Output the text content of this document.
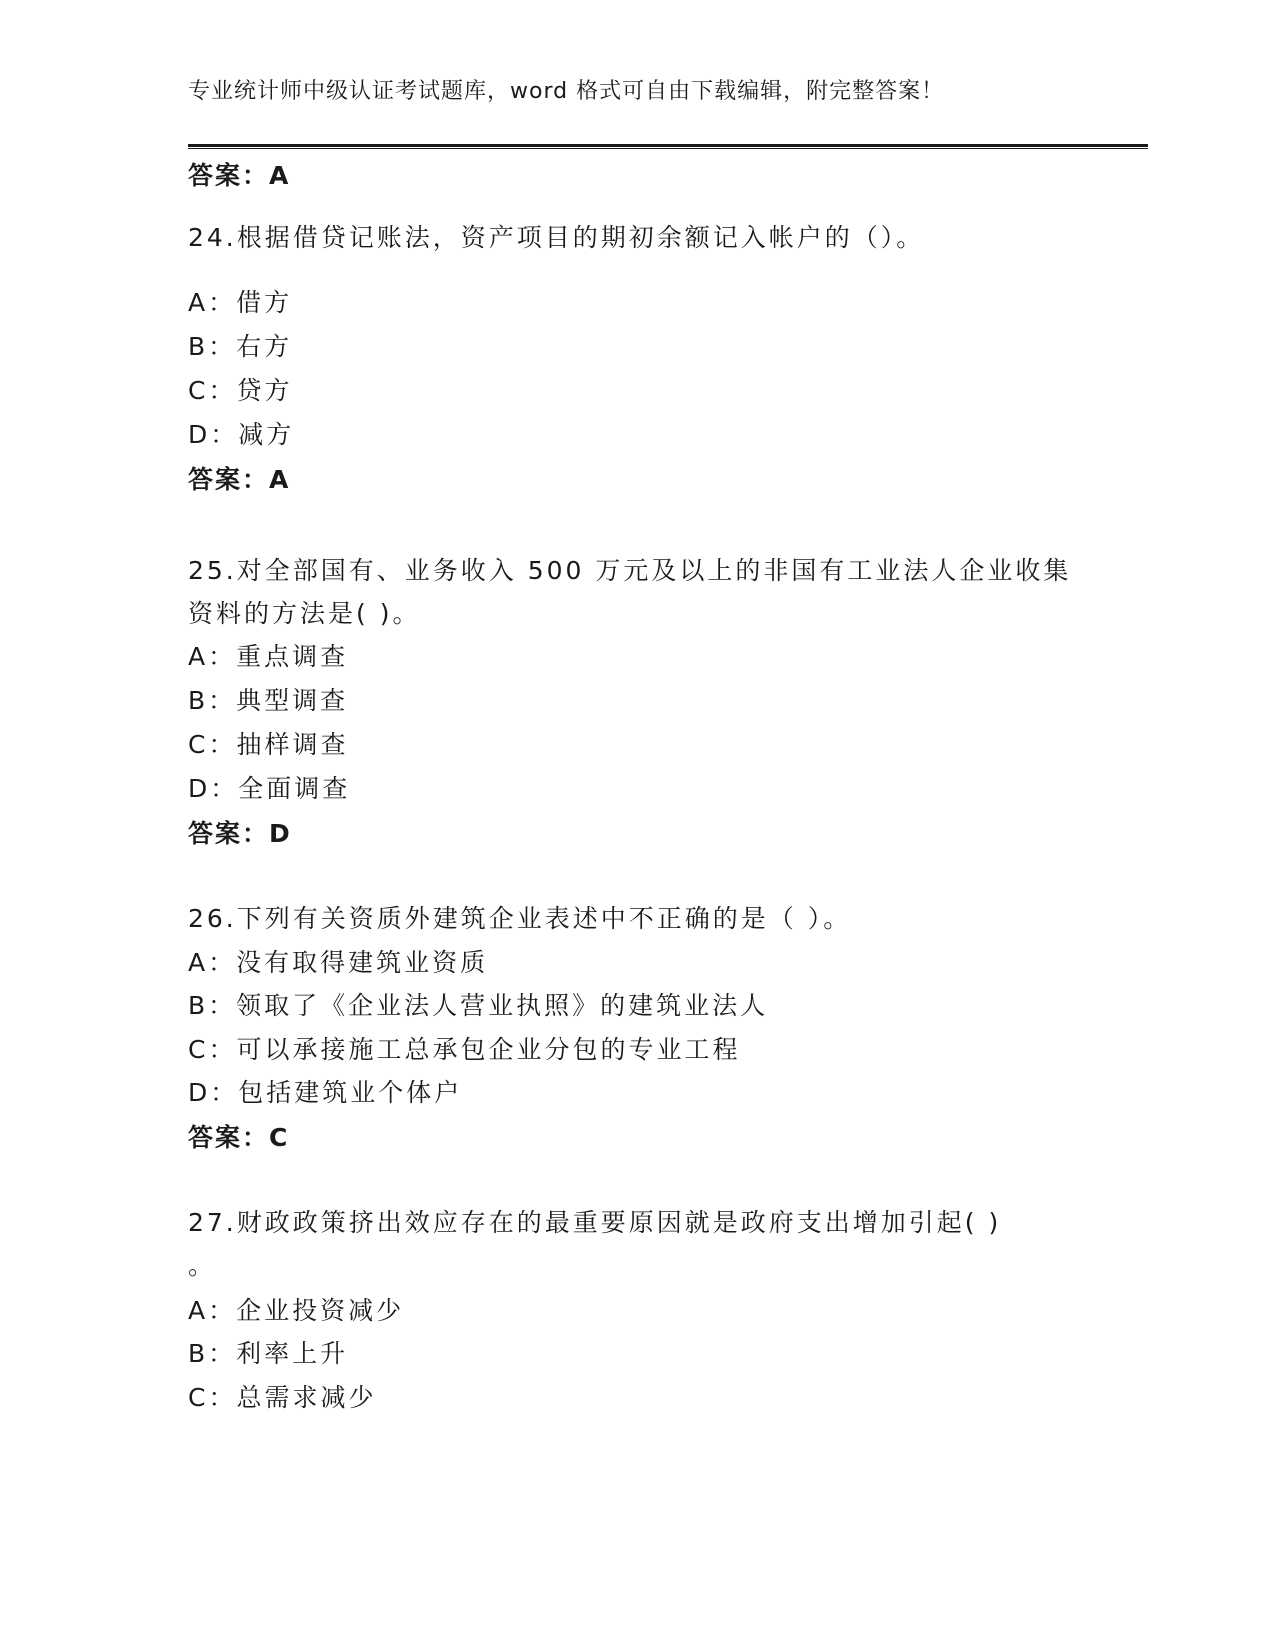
专业统计师中级认证考试题库，word 格式可自由下载编辑，附完整答案！
答案：A
24.根据借贷记账法，资产项目的期初余额记入帐户的（）。
A：借方
B：右方
C：贷方
D：减方
答案：A
25.对全部国有、业务收入 500 万元及以上的非国有工业法人企业收集
资料的方法是( )。
A：重点调查
B：典型调查
C：抽样调查
D：全面调查
答案：D
26.下列有关资质外建筑企业表述中不正确的是（ ）。
A：没有取得建筑业资质
B：领取了《企业法人营业执照》的建筑业法人
C：可以承接施工总承包企业分包的专业工程
D：包括建筑业个体户
答案：C
27.财政政策挤出效应存在的最重要原因就是政府支出增加引起( )
。
A：企业投资减少
B：利率上升
C：总需求减少
